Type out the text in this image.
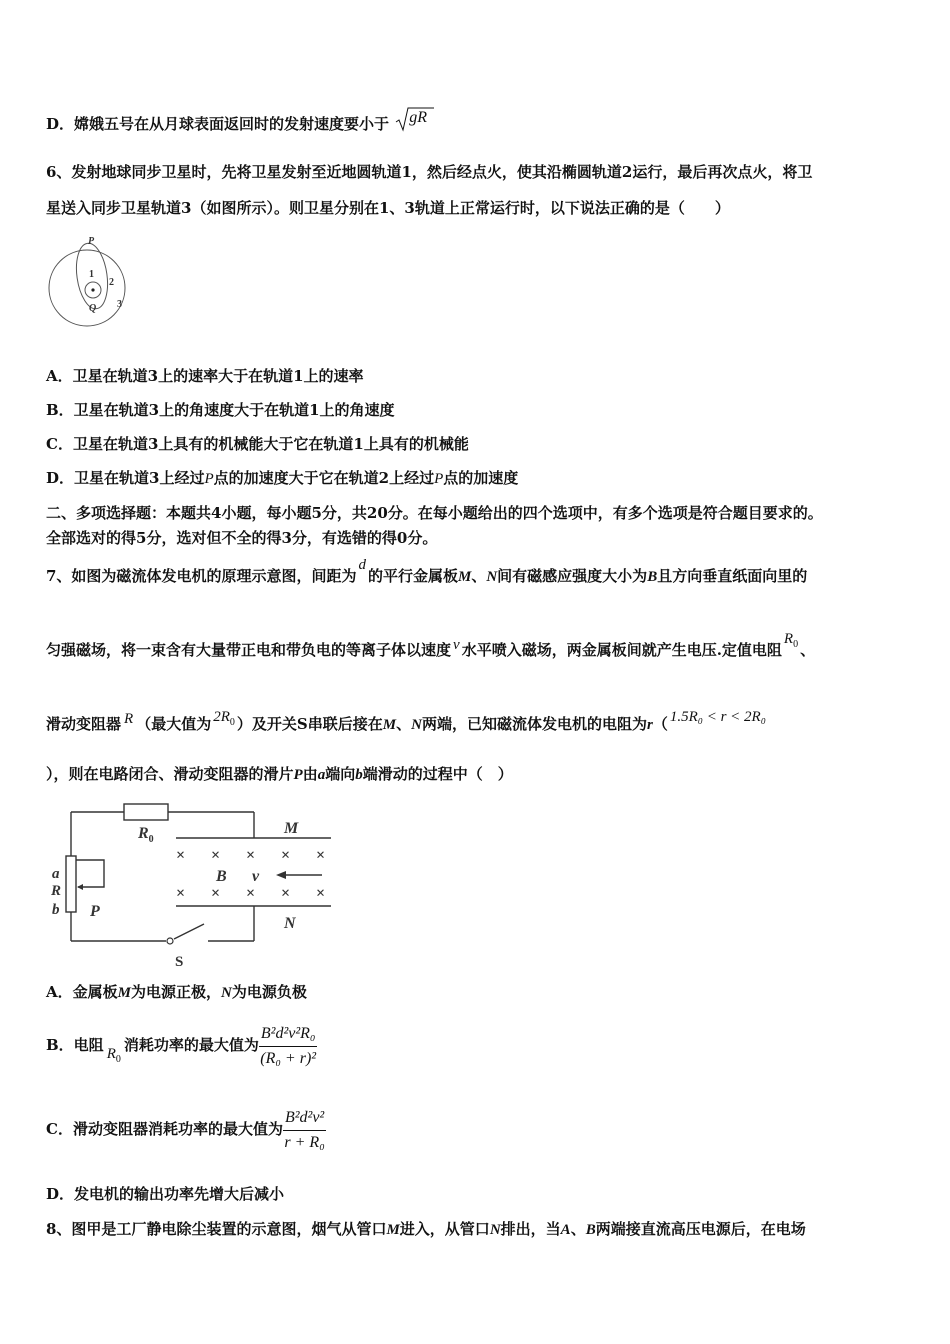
D．嫦娥五号在从月球表面返回时的发射速度要小于 gR
6、发射地球同步卫星时，先将卫星发射至近地圆轨道1，然后经点火，使其沿椭圆轨道2运行，最后再次点火，将卫
星送入同步卫星轨道3（如图所示）。则卫星分别在1、3轨道上正常运行时，以下说法正确的是（　　）
P
Q
1
2
3
A．卫星在轨道3上的速率大于在轨道1上的速率
B．卫星在轨道3上的角速度大于在轨道1上的角速度
C．卫星在轨道3上具有的机械能大于它在轨道1上具有的机械能
D．卫星在轨道3上经过P点的加速度大于它在轨道2上经过P点的加速度
二、多项选择题：本题共4小题，每小题5分，共20分。在每小题给出的四个选项中，有多个选项是符合题目要求的。
全部选对的得5分，选对但不全的得3分，有选错的得0分。
7、如图为磁流体发电机的原理示意图，间距为d的平行金属板M、N间有磁感应强度大小为B且方向垂直纸面向里的
匀强磁场，将一束含有大量带正电和带负电的等离子体以速度 v 水平喷入磁场，两金属板间就产生电压.定值电阻$R_0$ 、
滑动变阻器 R （最大值为 $2R_0$ ）及开关S串联后接在M、N两端，已知磁流体发电机的电阻为r（ 1.5R₀ < r < 2R₀
），则在电路闭合、滑动变阻器的滑片P由a端向b端滑动的过程中（　）
× × × × ×
× × × × ×
$R_0$
M
N
B v
a
R
b P
S
A．金属板M为电源正极，N为电源负极
B．电阻 $R_0$消耗功率的最大值为 $\frac{\text{B²d²v²R₀}}{\text{(R₀ + r)²}}$
C．滑动变阻器消耗功率的最大值为 $\frac{\text{B²d²v²}}{\text{r + R₀}}$
D．发电机的输出功率先增大后减小
8、图甲是工厂静电除尘装置的示意图，烟气从管口M进入，从管口N排出，当A、B两端接直流高压电源后，在电场
